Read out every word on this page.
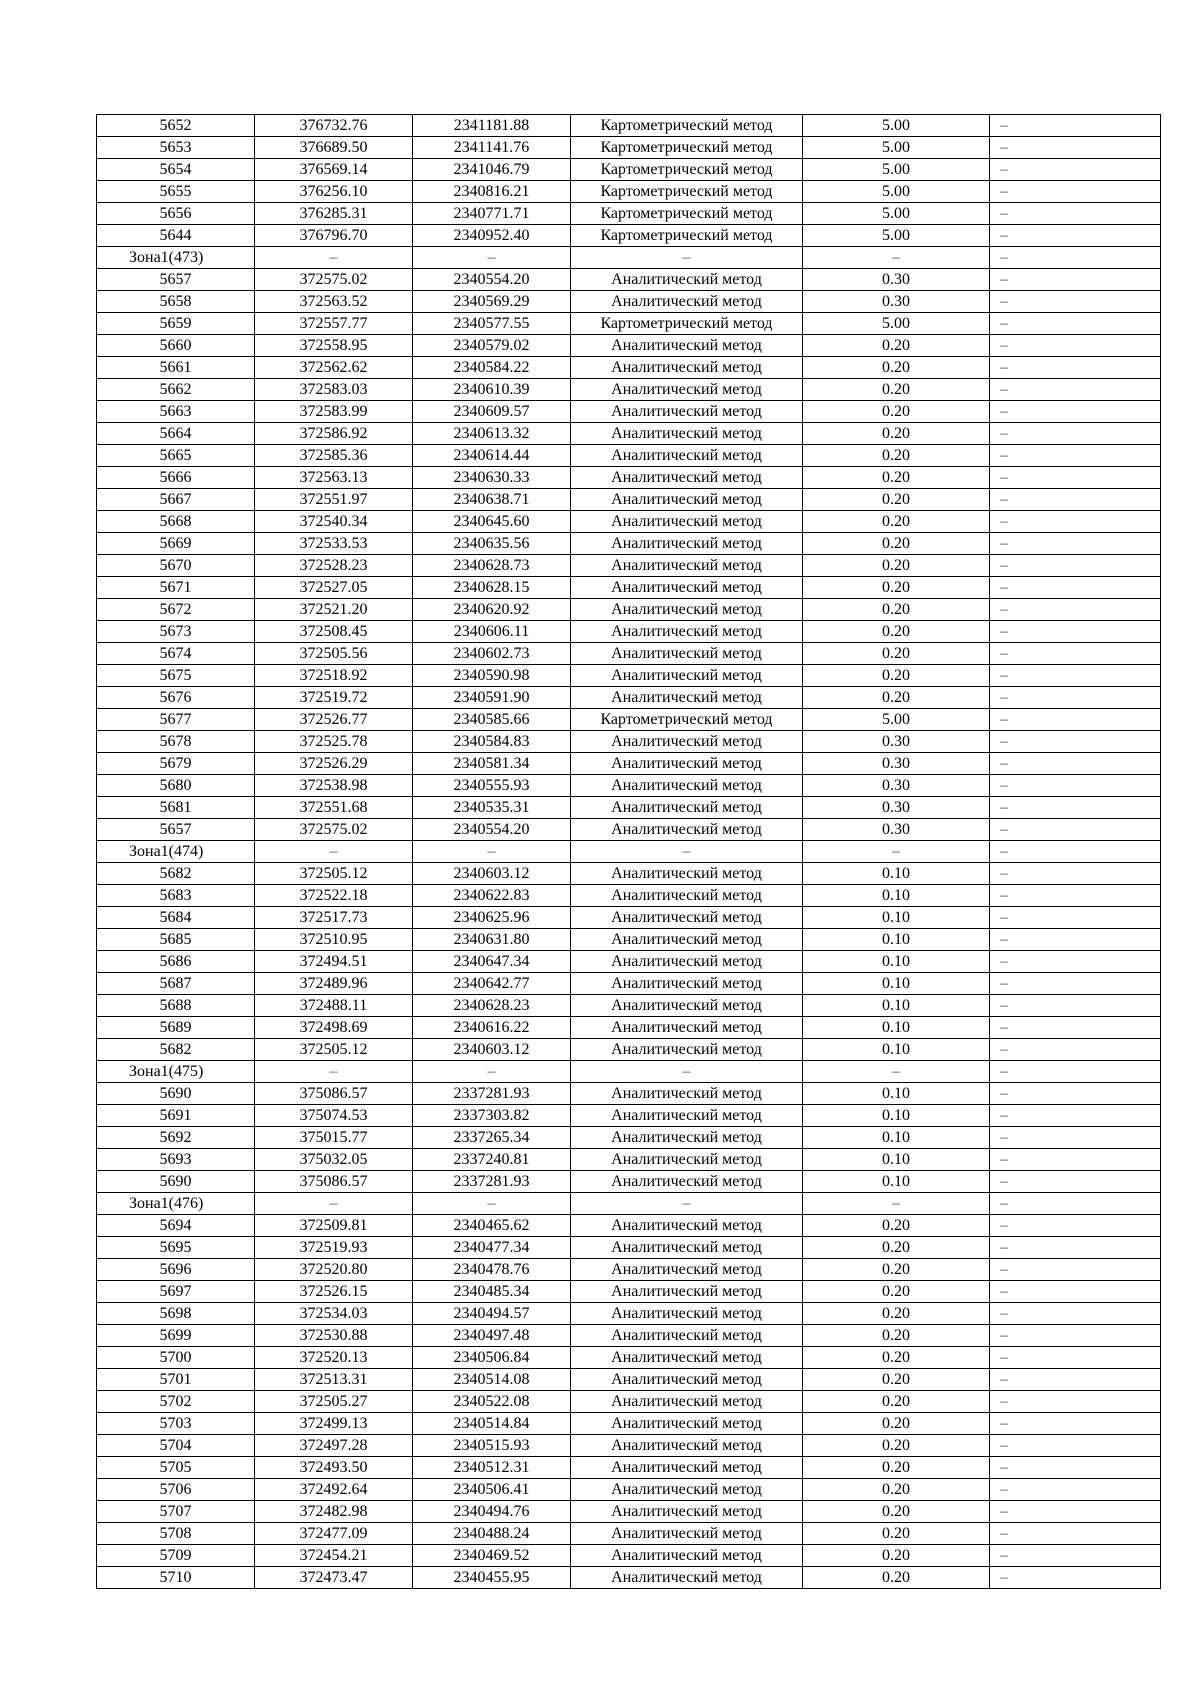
5652	376732.76	2341181.88	Картометрический метод	5.00	–
5653	376689.50	2341141.76	Картометрический метод	5.00	–
5654	376569.14	2341046.79	Картометрический метод	5.00	–
5655	376256.10	2340816.21	Картометрический метод	5.00	–
5656	376285.31	2340771.71	Картометрический метод	5.00	–
5644	376796.70	2340952.40	Картометрический метод	5.00	–
Зона1(473)	–	–	–	–	–
5657	372575.02	2340554.20	Аналитический метод	0.30	–
5658	372563.52	2340569.29	Аналитический метод	0.30	–
5659	372557.77	2340577.55	Картометрический метод	5.00	–
5660	372558.95	2340579.02	Аналитический метод	0.20	–
5661	372562.62	2340584.22	Аналитический метод	0.20	–
5662	372583.03	2340610.39	Аналитический метод	0.20	–
5663	372583.99	2340609.57	Аналитический метод	0.20	–
5664	372586.92	2340613.32	Аналитический метод	0.20	–
5665	372585.36	2340614.44	Аналитический метод	0.20	–
5666	372563.13	2340630.33	Аналитический метод	0.20	–
5667	372551.97	2340638.71	Аналитический метод	0.20	–
5668	372540.34	2340645.60	Аналитический метод	0.20	–
5669	372533.53	2340635.56	Аналитический метод	0.20	–
5670	372528.23	2340628.73	Аналитический метод	0.20	–
5671	372527.05	2340628.15	Аналитический метод	0.20	–
5672	372521.20	2340620.92	Аналитический метод	0.20	–
5673	372508.45	2340606.11	Аналитический метод	0.20	–
5674	372505.56	2340602.73	Аналитический метод	0.20	–
5675	372518.92	2340590.98	Аналитический метод	0.20	–
5676	372519.72	2340591.90	Аналитический метод	0.20	–
5677	372526.77	2340585.66	Картометрический метод	5.00	–
5678	372525.78	2340584.83	Аналитический метод	0.30	–
5679	372526.29	2340581.34	Аналитический метод	0.30	–
5680	372538.98	2340555.93	Аналитический метод	0.30	–
5681	372551.68	2340535.31	Аналитический метод	0.30	–
5657	372575.02	2340554.20	Аналитический метод	0.30	–
Зона1(474)	–	–	–	–	–
5682	372505.12	2340603.12	Аналитический метод	0.10	–
5683	372522.18	2340622.83	Аналитический метод	0.10	–
5684	372517.73	2340625.96	Аналитический метод	0.10	–
5685	372510.95	2340631.80	Аналитический метод	0.10	–
5686	372494.51	2340647.34	Аналитический метод	0.10	–
5687	372489.96	2340642.77	Аналитический метод	0.10	–
5688	372488.11	2340628.23	Аналитический метод	0.10	–
5689	372498.69	2340616.22	Аналитический метод	0.10	–
5682	372505.12	2340603.12	Аналитический метод	0.10	–
Зона1(475)	–	–	–	–	–
5690	375086.57	2337281.93	Аналитический метод	0.10	–
5691	375074.53	2337303.82	Аналитический метод	0.10	–
5692	375015.77	2337265.34	Аналитический метод	0.10	–
5693	375032.05	2337240.81	Аналитический метод	0.10	–
5690	375086.57	2337281.93	Аналитический метод	0.10	–
Зона1(476)	–	–	–	–	–
5694	372509.81	2340465.62	Аналитический метод	0.20	–
5695	372519.93	2340477.34	Аналитический метод	0.20	–
5696	372520.80	2340478.76	Аналитический метод	0.20	–
5697	372526.15	2340485.34	Аналитический метод	0.20	–
5698	372534.03	2340494.57	Аналитический метод	0.20	–
5699	372530.88	2340497.48	Аналитический метод	0.20	–
5700	372520.13	2340506.84	Аналитический метод	0.20	–
5701	372513.31	2340514.08	Аналитический метод	0.20	–
5702	372505.27	2340522.08	Аналитический метод	0.20	–
5703	372499.13	2340514.84	Аналитический метод	0.20	–
5704	372497.28	2340515.93	Аналитический метод	0.20	–
5705	372493.50	2340512.31	Аналитический метод	0.20	–
5706	372492.64	2340506.41	Аналитический метод	0.20	–
5707	372482.98	2340494.76	Аналитический метод	0.20	–
5708	372477.09	2340488.24	Аналитический метод	0.20	–
5709	372454.21	2340469.52	Аналитический метод	0.20	–
5710	372473.47	2340455.95	Аналитический метод	0.20	–
